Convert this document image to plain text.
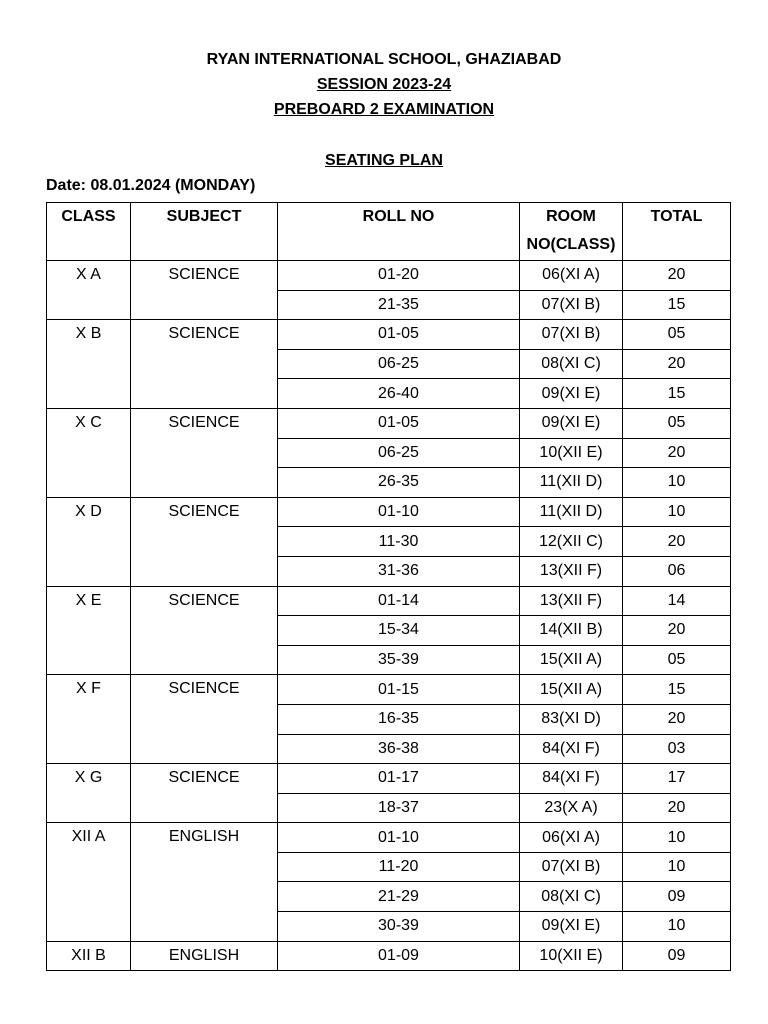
RYAN INTERNATIONAL SCHOOL, GHAZIABAD
SESSION 2023-24
PREBOARD 2 EXAMINATION
SEATING PLAN
Date: 08.01.2024 (MONDAY)
CLASS	SUBJECT	ROLL NO	ROOM NO(CLASS)	TOTAL
X A	SCIENCE	01-20	06(XI A)	20
		21-35	07(XI B)	15
X B	SCIENCE	01-05	07(XI B)	05
		06-25	08(XI C)	20
		26-40	09(XI E)	15
X C	SCIENCE	01-05	09(XI E)	05
		06-25	10(XII E)	20
		26-35	11(XII D)	10
X D	SCIENCE	01-10	11(XII D)	10
		11-30	12(XII C)	20
		31-36	13(XII F)	06
X E	SCIENCE	01-14	13(XII F)	14
		15-34	14(XII B)	20
		35-39	15(XII A)	05
X F	SCIENCE	01-15	15(XII A)	15
		16-35	83(XI D)	20
		36-38	84(XI F)	03
X G	SCIENCE	01-17	84(XI F)	17
		18-37	23(X A)	20
XII A	ENGLISH	01-10	06(XI A)	10
		11-20	07(XI B)	10
		21-29	08(XI C)	09
		30-39	09(XI E)	10
XII B	ENGLISH	01-09	10(XII E)	09
